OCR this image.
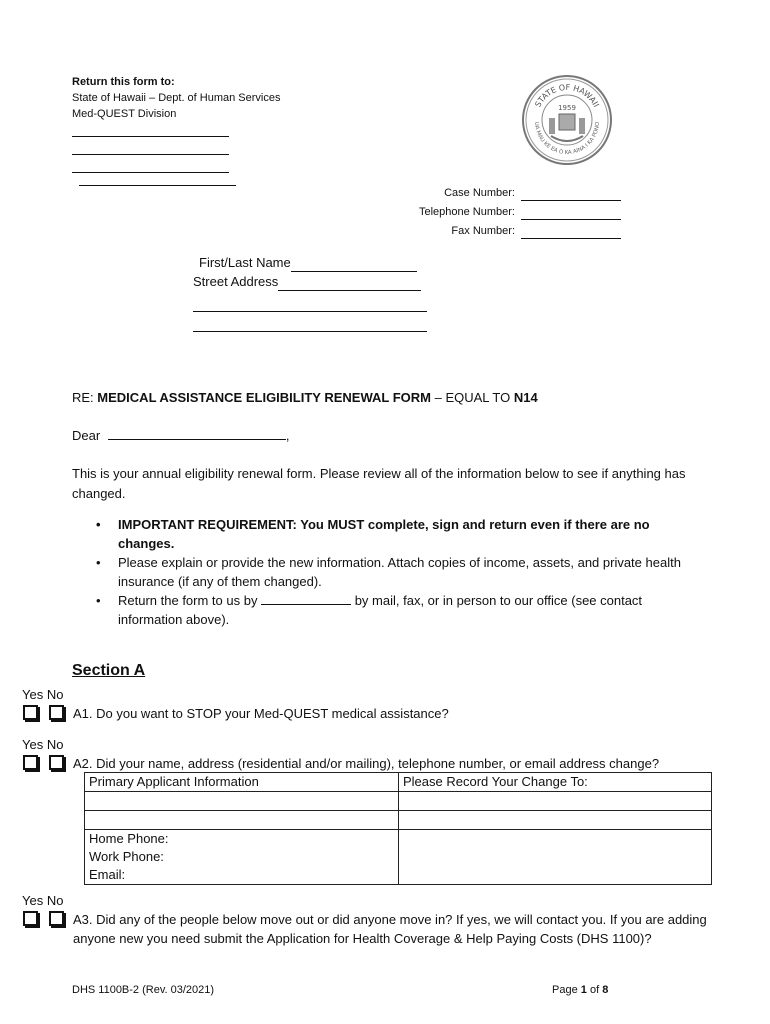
Return this form to:
State of Hawaii – Dept. of Human Services
Med-QUEST Division
STATE OF HAWAII
UA MAU KE EA O KA AINA I KA PONO
1959
Case Number:
Telephone Number:
Fax Number:
First/Last Name
Street Address
RE: MEDICAL ASSISTANCE ELIGIBILITY RENEWAL FORM – EQUAL TO N14
Dear	,
This is your annual eligibility renewal form. Please review all of the information below to see if anything has changed.
• IMPORTANT REQUIREMENT: You MUST complete, sign and return even if there are no changes.
• Please explain or provide the new information. Attach copies of income, assets, and private health insurance (if any of them changed).
• Return the form to us by	by mail, fax, or in person to our office (see contact information above).
Section A
Yes No
A1. Do you want to STOP your Med-QUEST medical assistance?
Yes No
A2. Did your name, address (residential and/or mailing), telephone number, or email address change?
Primary Applicant Information	Please Record Your Change To:

Home Phone:	
Work Phone:	
Email:	
Yes No
A3. Did any of the people below move out or did anyone move in? If yes, we will contact you. If you are adding anyone new you need submit the Application for Health Coverage & Help Paying Costs (DHS 1100)?
DHS 1100B-2 (Rev. 03/2021)	Page 1 of 8
